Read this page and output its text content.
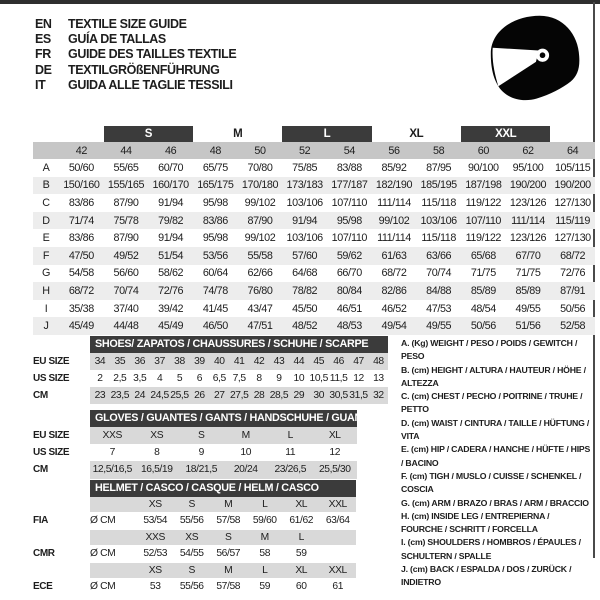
EN	TEXTILE SIZE GUIDE
ES	GUÍA DE TALLAS
FR	GUIDE DES TAILLES TEXTILE
DE	TEXTILGRÖßENFÜHRUNG
IT	GUIDA ALLE TAGLIE TESSILI
S	M	L	XL	XXL
42	44	46	48	50	52	54	56	58	60	62	64
A	50/60	55/65	60/70	65/75	70/80	75/85	83/88	85/92	87/95	90/100	95/100	105/115
B	150/160 155/165 160/170 165/175 170/180 173/183 177/187 182/190 185/195 187/198 190/200 190/200
C	83/86	87/90	91/94	95/98	99/102	103/106 107/110 111/114 115/118 119/122 123/126 127/130
D	71/74	75/78	79/82	83/86	87/90	91/94	95/98	99/102	103/106 107/110 111/114 115/119
E	83/86	87/90	91/94	95/98	99/102	103/106 107/110 111/114 115/118 119/122 123/126 127/130
F	47/50	49/52	51/54	53/56	55/58	57/60	59/62	61/63	63/66	65/68	67/70	68/72
G	54/58	56/60	58/62	60/64	62/66	64/68	66/70	68/72	70/74	71/75	71/75	72/76
H	68/72	70/74	72/76	74/78	76/80	78/82	80/84	82/86	84/88	85/89	85/89	87/91
I	35/38	37/40	39/42	41/45	43/47	45/50	46/51	46/52	47/53	48/54	49/55	50/56
J	45/49	44/48	45/49	46/50	47/51	48/52	48/53	49/54	49/55	50/56	51/56	52/58
SHOES/ ZAPATOS / CHAUSSURES / SCHUHE / SCARPE
EU SIZE	34 35 36 37 38 39 40 41 42 43 44 45 46 47 48
US SIZE	2	2,5 3,5	4	5	6	6,5 7,5	8	9	10 10,5 11,5 12 13
CM	23 23,5 24 24,5 25,5 26 27 27,5 28 28,5 29 30 30,5 31,5 32
GLOVES / GUANTES / GANTS / HANDSCHUHE / GUANTI
EU SIZE	XXS	XS	S	M	L	XL
US SIZE	7	8	9	10	11	12
CM	12,5/16,5 16,5/19	18/21,5	20/24	23/26,5	25,5/30
HELMET / CASCO / CASQUE / HELM / CASCO
XS	S	M	L	XL	XXL
FIA	Ø CM	53/54	55/56	57/58	59/60	61/62	63/64
XXS	XS	S	M	L
CMR	Ø CM	52/53	54/55	56/57	58	59
XS	S	M	L	XL	XXL
ECE	Ø CM	53	55/56	57/58	59	60	61
A. (Kg) WEIGHT / PESO / POIDS / GEWITCH / PESO
B. (cm) HEIGHT / ALTURA / HAUTEUR / HÖHE / ALTEZZA
C. (cm) CHEST / PECHO / POITRINE / TRUHE / PETTO
D. (cm) WAIST / CINTURA / TAILLE / HÜFTUNG / VITA
E. (cm) HIP / CADERA / HANCHE / HÜFTE / HIPS / BACINO
F. (cm) TIGH / MUSLO / CUISSE / SCHENKEL / COSCIA
G. (cm) ARM / BRAZO / BRAS / ARM / BRACCIO
H. (cm) INSIDE LEG / ENTREPIERNA / FOURCHE / SCHRITT / FORCELLA
I. (cm) SHOULDERS / HOMBROS / ÉPAULES / SCHULTERN / SPALLE
J. (cm) BACK / ESPALDA / DOS / ZURÜCK / INDIETRO
